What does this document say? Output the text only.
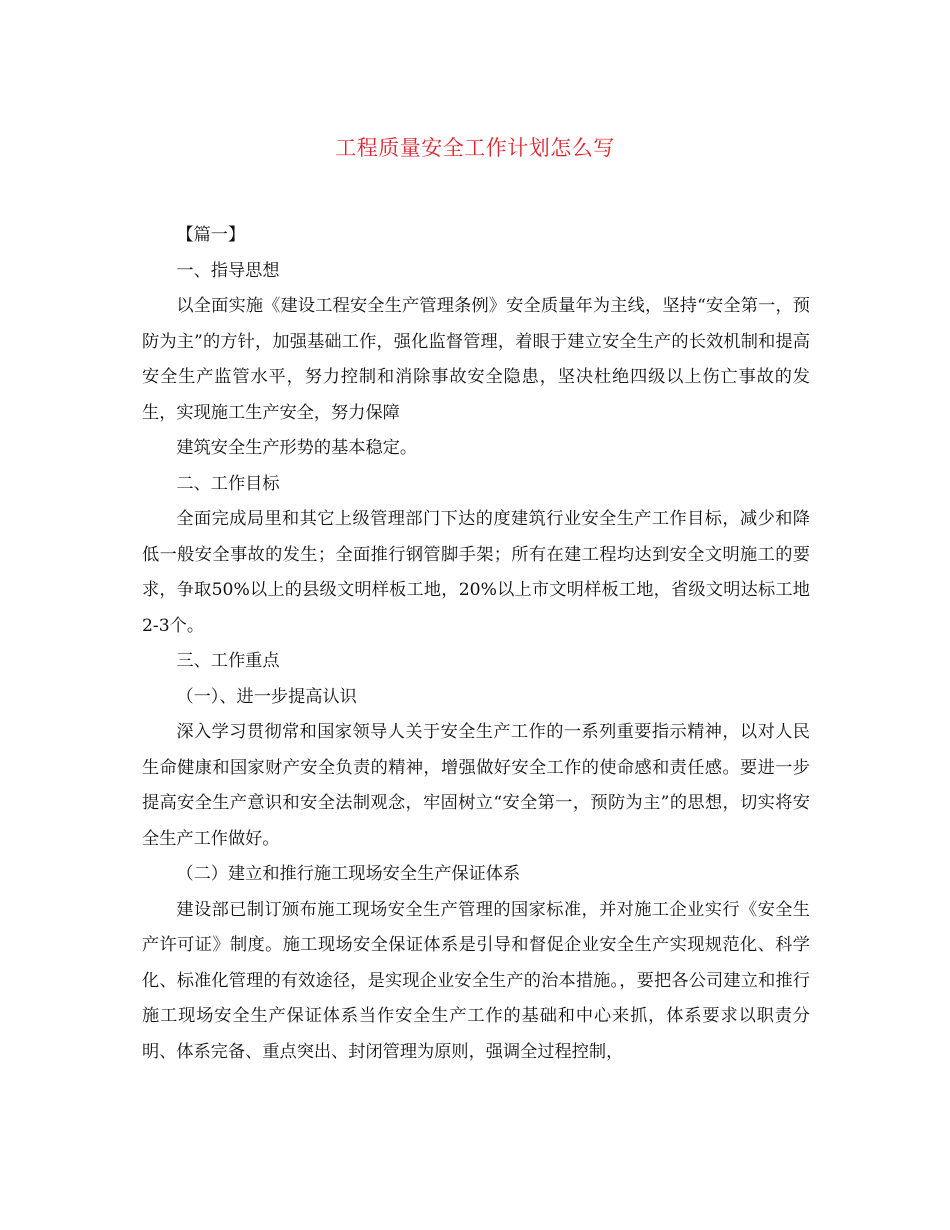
工程质量安全工作计划怎么写

【篇一】

一、指导思想

以全面实施《建设工程安全生产管理条例》安全质量年为主线，坚持“安全第一，预防为主”的方针，加强基础工作，强化监督管理，着眼于建立安全生产的长效机制和提高安全生产监管水平，努力控制和消除事故安全隐患，坚决杜绝四级以上伤亡事故的发生，实现施工生产安全，努力保障

建筑安全生产形势的基本稳定。

二、工作目标

全面完成局里和其它上级管理部门下达的度建筑行业安全生产工作目标，减少和降低一般安全事故的发生；全面推行钢管脚手架；所有在建工程均达到安全文明施工的要求，争取50%以上的县级文明样板工地，20%以上市文明样板工地，省级文明达标工地2-3个。

三、工作重点

（一）、进一步提高认识

深入学习贯彻常和国家领导人关于安全生产工作的一系列重要指示精神，以对人民生命健康和国家财产安全负责的精神，增强做好安全工作的使命感和责任感。要进一步提高安全生产意识和安全法制观念，牢固树立“安全第一，预防为主”的思想，切实将安全生产工作做好。

（二）建立和推行施工现场安全生产保证体系

建设部已制订颁布施工现场安全生产管理的国家标准，并对施工企业实行《安全生产许可证》制度。施工现场安全保证体系是引导和督促企业安全生产实现规范化、科学化、标准化管理的有效途径，是实现企业安全生产的治本措施。，要把各公司建立和推行施工现场安全生产保证体系当作安全生产工作的基础和中心来抓，体系要求以职责分明、体系完备、重点突出、封闭管理为原则，强调全过程控制，
